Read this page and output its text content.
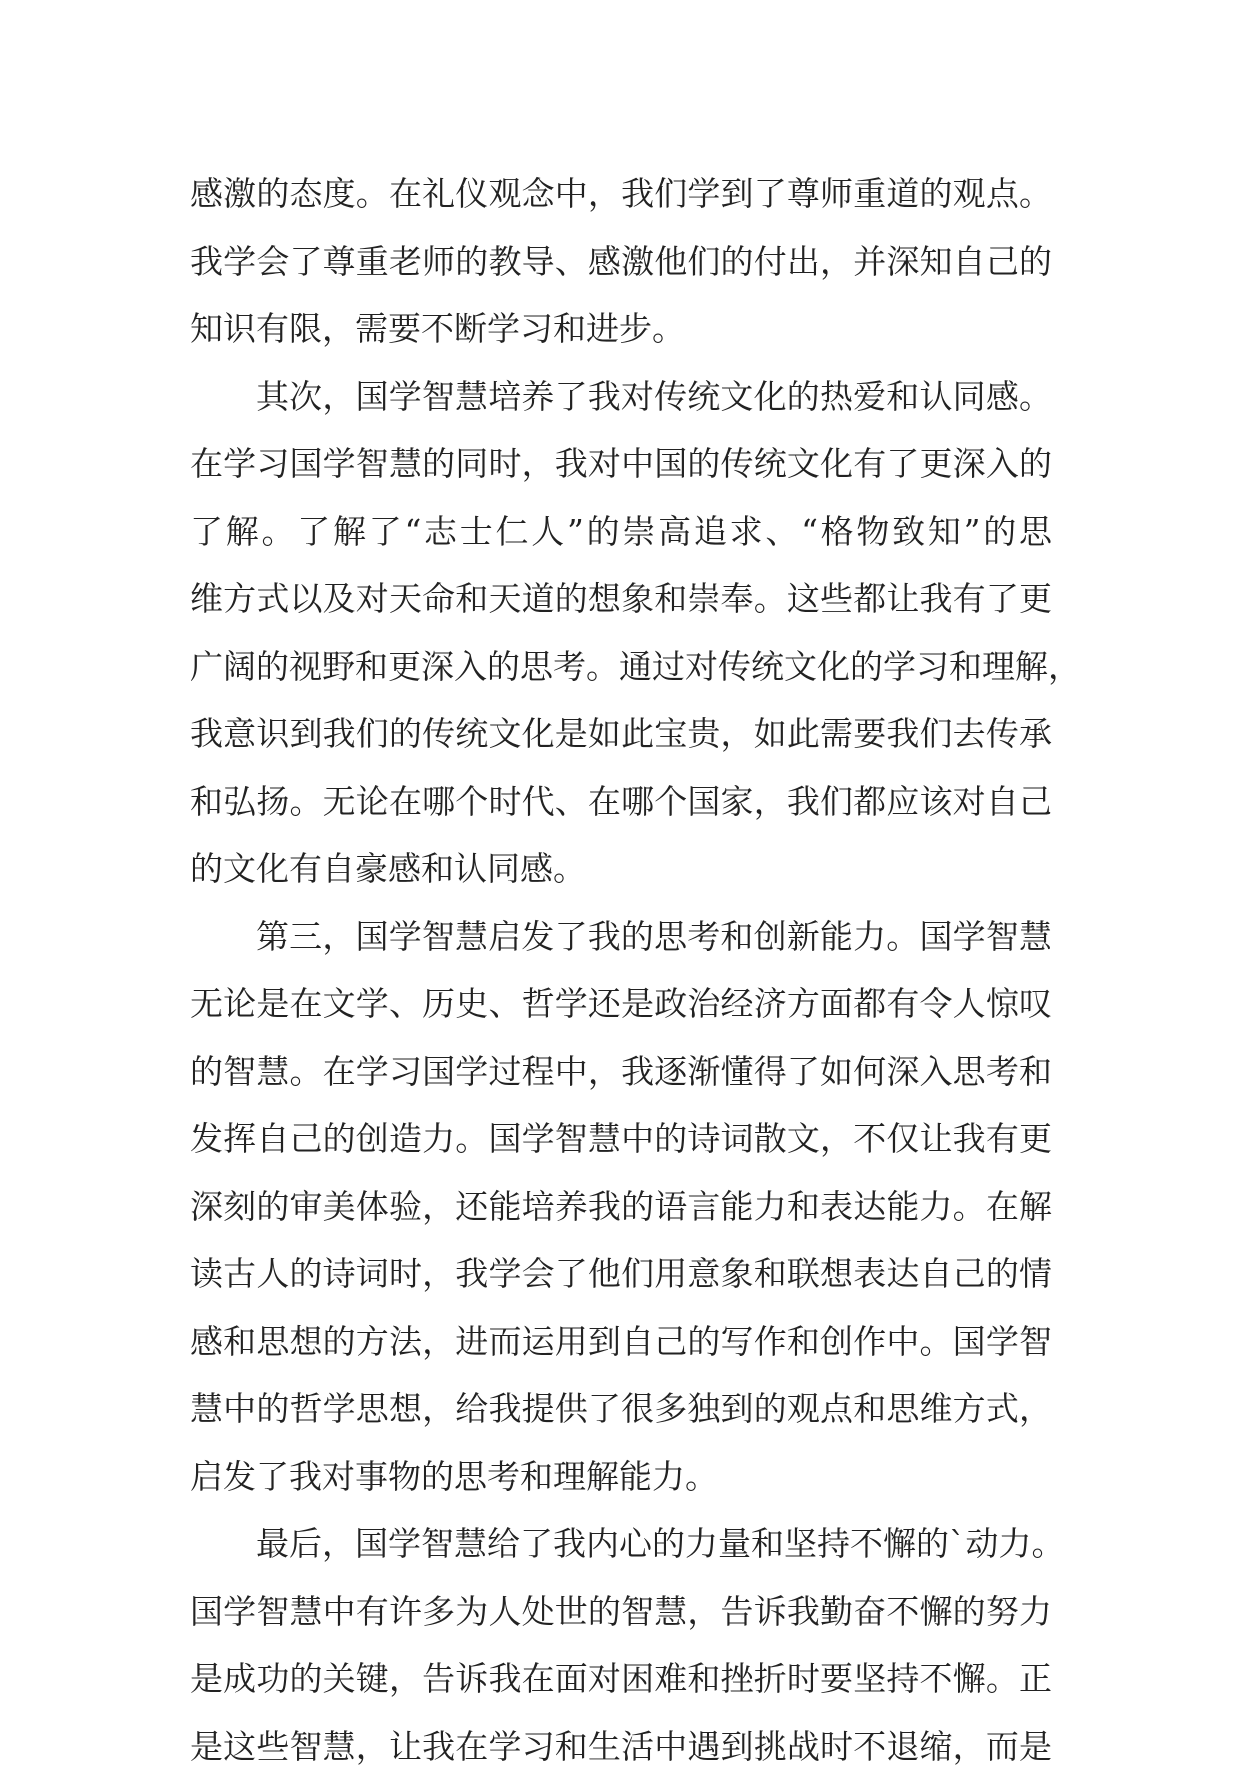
感激的态度。在礼仪观念中，我们学到了尊师重道的观点。
我学会了尊重老师的教导、感激他们的付出，并深知自己的
知识有限，需要不断学习和进步。
其次，国学智慧培养了我对传统文化的热爱和认同感。
在学习国学智慧的同时，我对中国的传统文化有了更深入的
了解。了解了“志士仁人”的崇高追求、“格物致知”的思
维方式以及对天命和天道的想象和崇奉。这些都让我有了更
广阔的视野和更深入的思考。通过对传统文化的学习和理解，
我意识到我们的传统文化是如此宝贵，如此需要我们去传承
和弘扬。无论在哪个时代、在哪个国家，我们都应该对自己
的文化有自豪感和认同感。
第三，国学智慧启发了我的思考和创新能力。国学智慧
无论是在文学、历史、哲学还是政治经济方面都有令人惊叹
的智慧。在学习国学过程中，我逐渐懂得了如何深入思考和
发挥自己的创造力。国学智慧中的诗词散文，不仅让我有更
深刻的审美体验，还能培养我的语言能力和表达能力。在解
读古人的诗词时，我学会了他们用意象和联想表达自己的情
感和思想的方法，进而运用到自己的写作和创作中。国学智
慧中的哲学思想，给我提供了很多独到的观点和思维方式，
启发了我对事物的思考和理解能力。
最后，国学智慧给了我内心的力量和坚持不懈的`动力。
国学智慧中有许多为人处世的智慧，告诉我勤奋不懈的努力
是成功的关键，告诉我在面对困难和挫折时要坚持不懈。正
是这些智慧，让我在学习和生活中遇到挑战时不退缩，而是
